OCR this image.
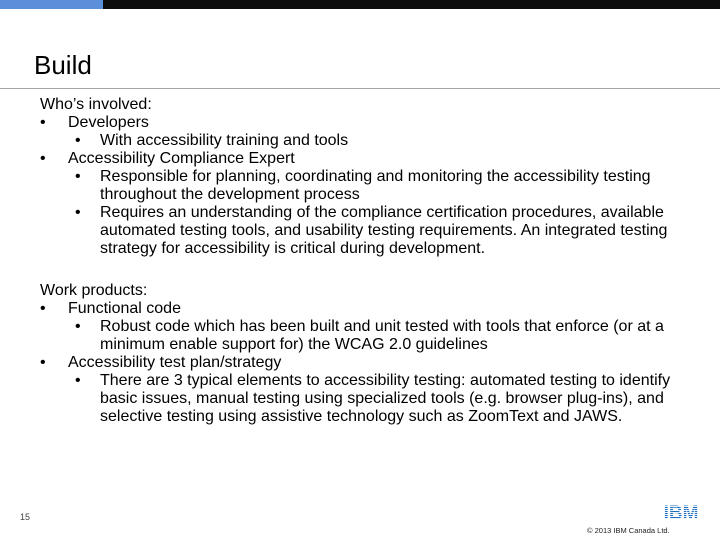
Build
Who’s involved:
• Developers
• With accessibility training and tools
• Accessibility Compliance Expert
• Responsible for planning, coordinating and monitoring the accessibility testing throughout the development process
• Requires an understanding of the compliance certification procedures, available automated testing tools, and usability testing requirements. An integrated testing strategy for accessibility is critical during development.
Work products:
• Functional code
• Robust code which has been built and unit tested with tools that enforce (or at a minimum enable support for) the WCAG 2.0 guidelines
• Accessibility test plan/strategy
• There are 3 typical elements to accessibility testing: automated testing to identify basic issues, manual testing using specialized tools (e.g. browser plug-ins), and selective testing using assistive technology such as ZoomText and JAWS.
15	IBM
© 2013 IBM Canada Ltd.
